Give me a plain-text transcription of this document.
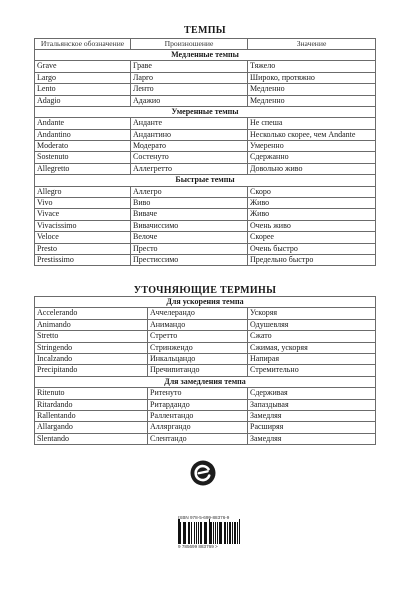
ТЕМПЫ
Итальянское обозначение	Произношение	Значение
Медленные темпы		
Grave	Граве	Тяжело
Largo	Ларго	Широко, протяжно
Lento	Ленто	Медленно
Adagio	Адажио	Медленно
Умеренные темпы		
Andante	Андантe	Не спеша
Andantino	Андантино	Несколько скорее, чем Andante
Moderato	Модерато	Умеренно
Sostenuto	Состенуто	Сдержанно
Allegretto	Аллегретто	Довольно живо
Быстрые темпы		
Allegro	Аллегро	Скоро
Vivo	Виво	Живо
Vivace	Виваче	Живо
Vivacissimo	Вивачиссимо	Очень живо
Veloce	Велоче	Скорее
Presto	Престо	Очень быстро
Prestissimo	Престиссимо	Предельно быстро
УТОЧНЯЮЩИЕ ТЕРМИНЫ
Для ускорения темпа		
Accelerando	Аччелерандо	Ускоряя
Animando	Анимандо	Одушевляя
Stretto	Стретто	Сжато
Stringendo	Стринжендо	Сжимая, ускоряя
Incalzando	Инкальцандо	Напирая
Precipitando	Пречипитандо	Стремительно
Для замедления темпа		
Ritenuto	Ритенуто	Сдерживая
Ritardando	Ритардандо	Запаздывая
Rallentando	Раллентандо	Замедляя
Allargando	Алляргандо	Расширяя
Slentando	Слентандо	Замедляя
ISBN 978-5-699-88376-9
9 785699 883769 >
